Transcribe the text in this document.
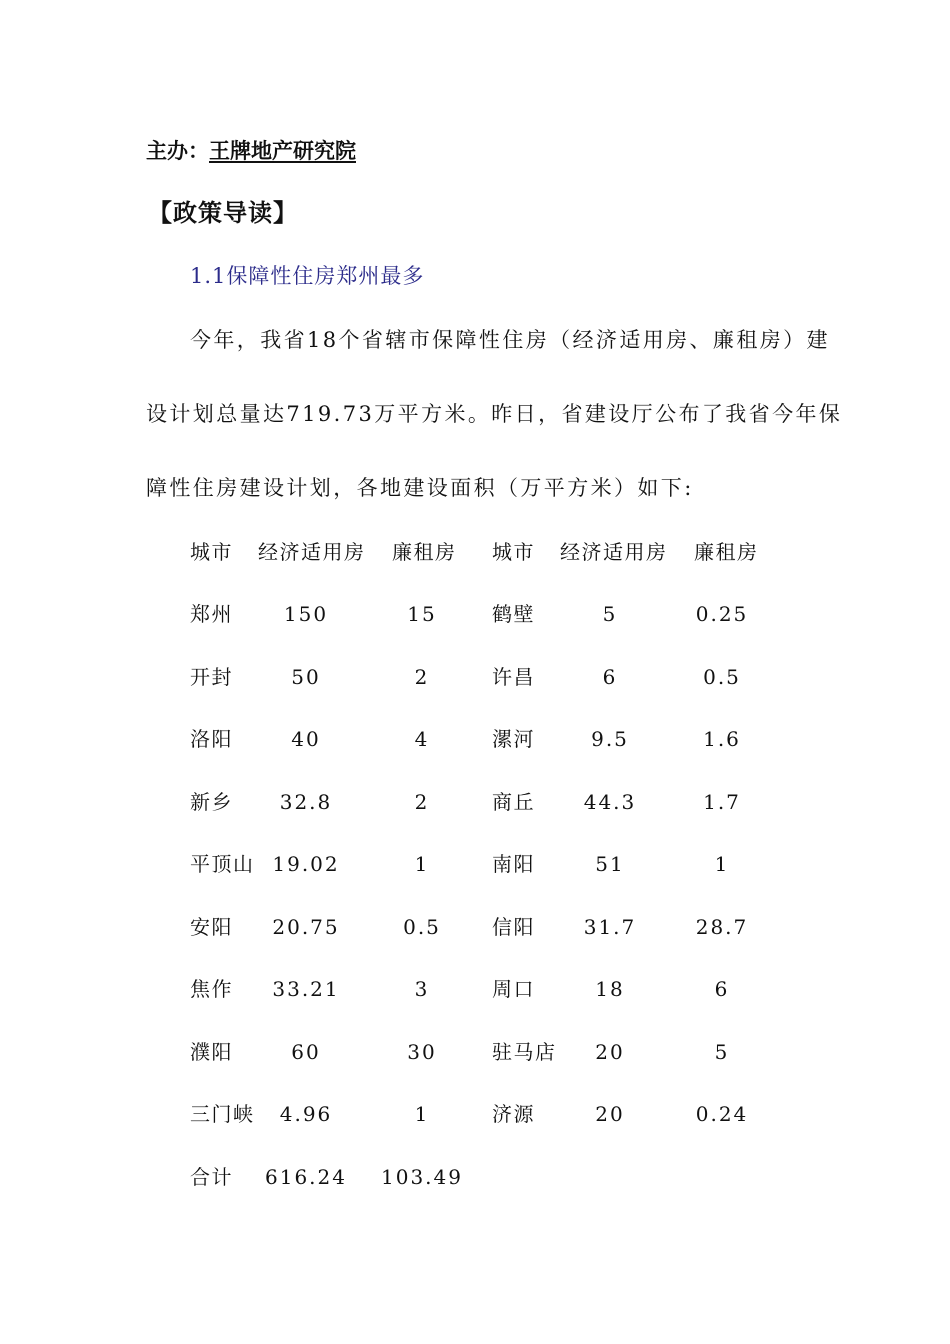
主办：王牌地产研究院
【政策导读】
1.1保障性住房郑州最多
今年，我省18个省辖市保障性住房（经济适用房、廉租房）建
设计划总量达719.73万平方米。昨日，省建设厅公布了我省今年保
障性住房建设计划，各地建设面积（万平方米）如下:
城市 经济适用房 廉租房 城市 经济适用房 廉租房
郑州	150	15	鹤壁	5	0.25
开封	50	2	许昌	6	0.5
洛阳	40	4	漯河	9.5	1.6
新乡 32.8	2	商丘 44.3	1.7
平顶山 19.02	1	南阳	51	1
安阳 20.75	0.5	信阳 31.7	28.7
焦作 33.21	3	周口	18	6
濮阳	60	30	驻马店 20	5
三门峡 4.96	1	济源	20	0.24
合计 616.24 103.49
